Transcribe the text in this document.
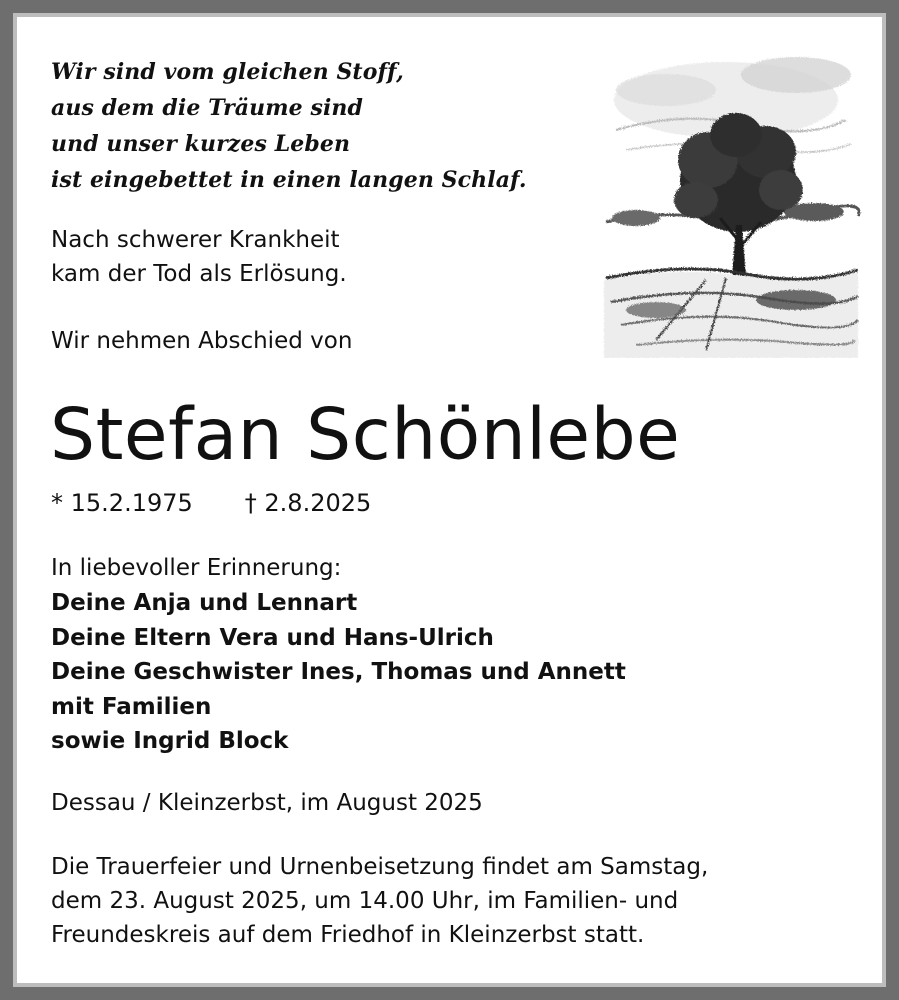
Wir sind vom gleichen Stoff,
aus dem die Träume sind
und unser kurzes Leben
ist eingebettet in einen langen Schlaf.

Nach schwerer Krankheit
kam der Tod als Erlösung.
Wir nehmen Abschied von
Stefan Schönlebe
* 15.2.1975 † 2.8.2025
In liebevoller Erinnerung:
Deine Anja und Lennart
Deine Eltern Vera und Hans-Ulrich
Deine Geschwister Ines, Thomas und Annett
mit Familien
sowie Ingrid Block
Dessau / Kleinzerbst, im August 2025
Die Trauerfeier und Urnenbeisetzung findet am Samstag,
dem 23. August 2025, um 14.00 Uhr, im Familien- und
Freundeskreis auf dem Friedhof in Kleinzerbst statt.
